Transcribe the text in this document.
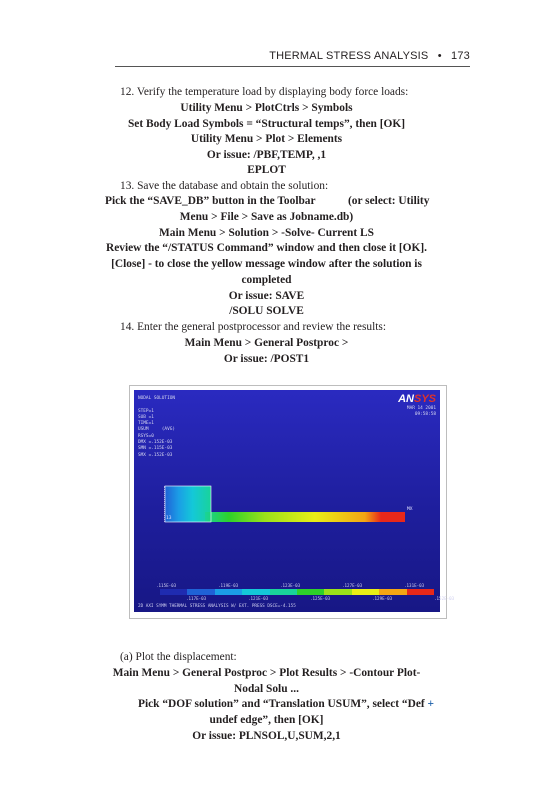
THERMAL STRESS ANALYSIS • 173
12. Verify the temperature load by displaying body force loads:
Utility Menu > PlotCtrls > Symbols
Set Body Load Symbols = “Structural temps”, then [OK]
Utility Menu > Plot > Elements
Or issue: /PBF,TEMP, ,1
EPLOT
13. Save the database and obtain the solution:
Pick the “SAVE_DB” button in the Toolbar	(or select: Utility
Menu > File > Save as Jobname.db)
Main Menu > Solution > -Solve- Current LS
Review the “/STATUS Command” window and then close it [OK].
[Close] - to close the yellow message window after the solution is
completed
Or issue: SAVE
/SOLU SOLVE
14. Enter the general postprocessor and review the results:
Main Menu > General Postproc >
Or issue: /POST1
NODAL SOLUTION

STEP=1
SUB =1
TIME=1
USUM     (AVG)
RSYS=0
DMX =.152E-03
SMN =.115E-03
SMX =.152E-03
ANSYS
MAR 14 2001
09:58:58
13
MX
.115E-03	.119E-03	.123E-03	.127E-03	.131E-03
.117E-03	.121E-03	.125E-03	.129E-03	.152E-03
2D AXI SYMM THERMAL STRESS ANALYSIS W/ EXT. PRESS DSCE=-4.155
(a) Plot the displacement:
Main Menu > General Postproc > Plot Results > -Contour Plot-
Nodal Solu ...
Pick “DOF solution” and “Translation USUM”, select “Def +
undef edge”, then [OK]
Or issue: PLNSOL,U,SUM,2,1
